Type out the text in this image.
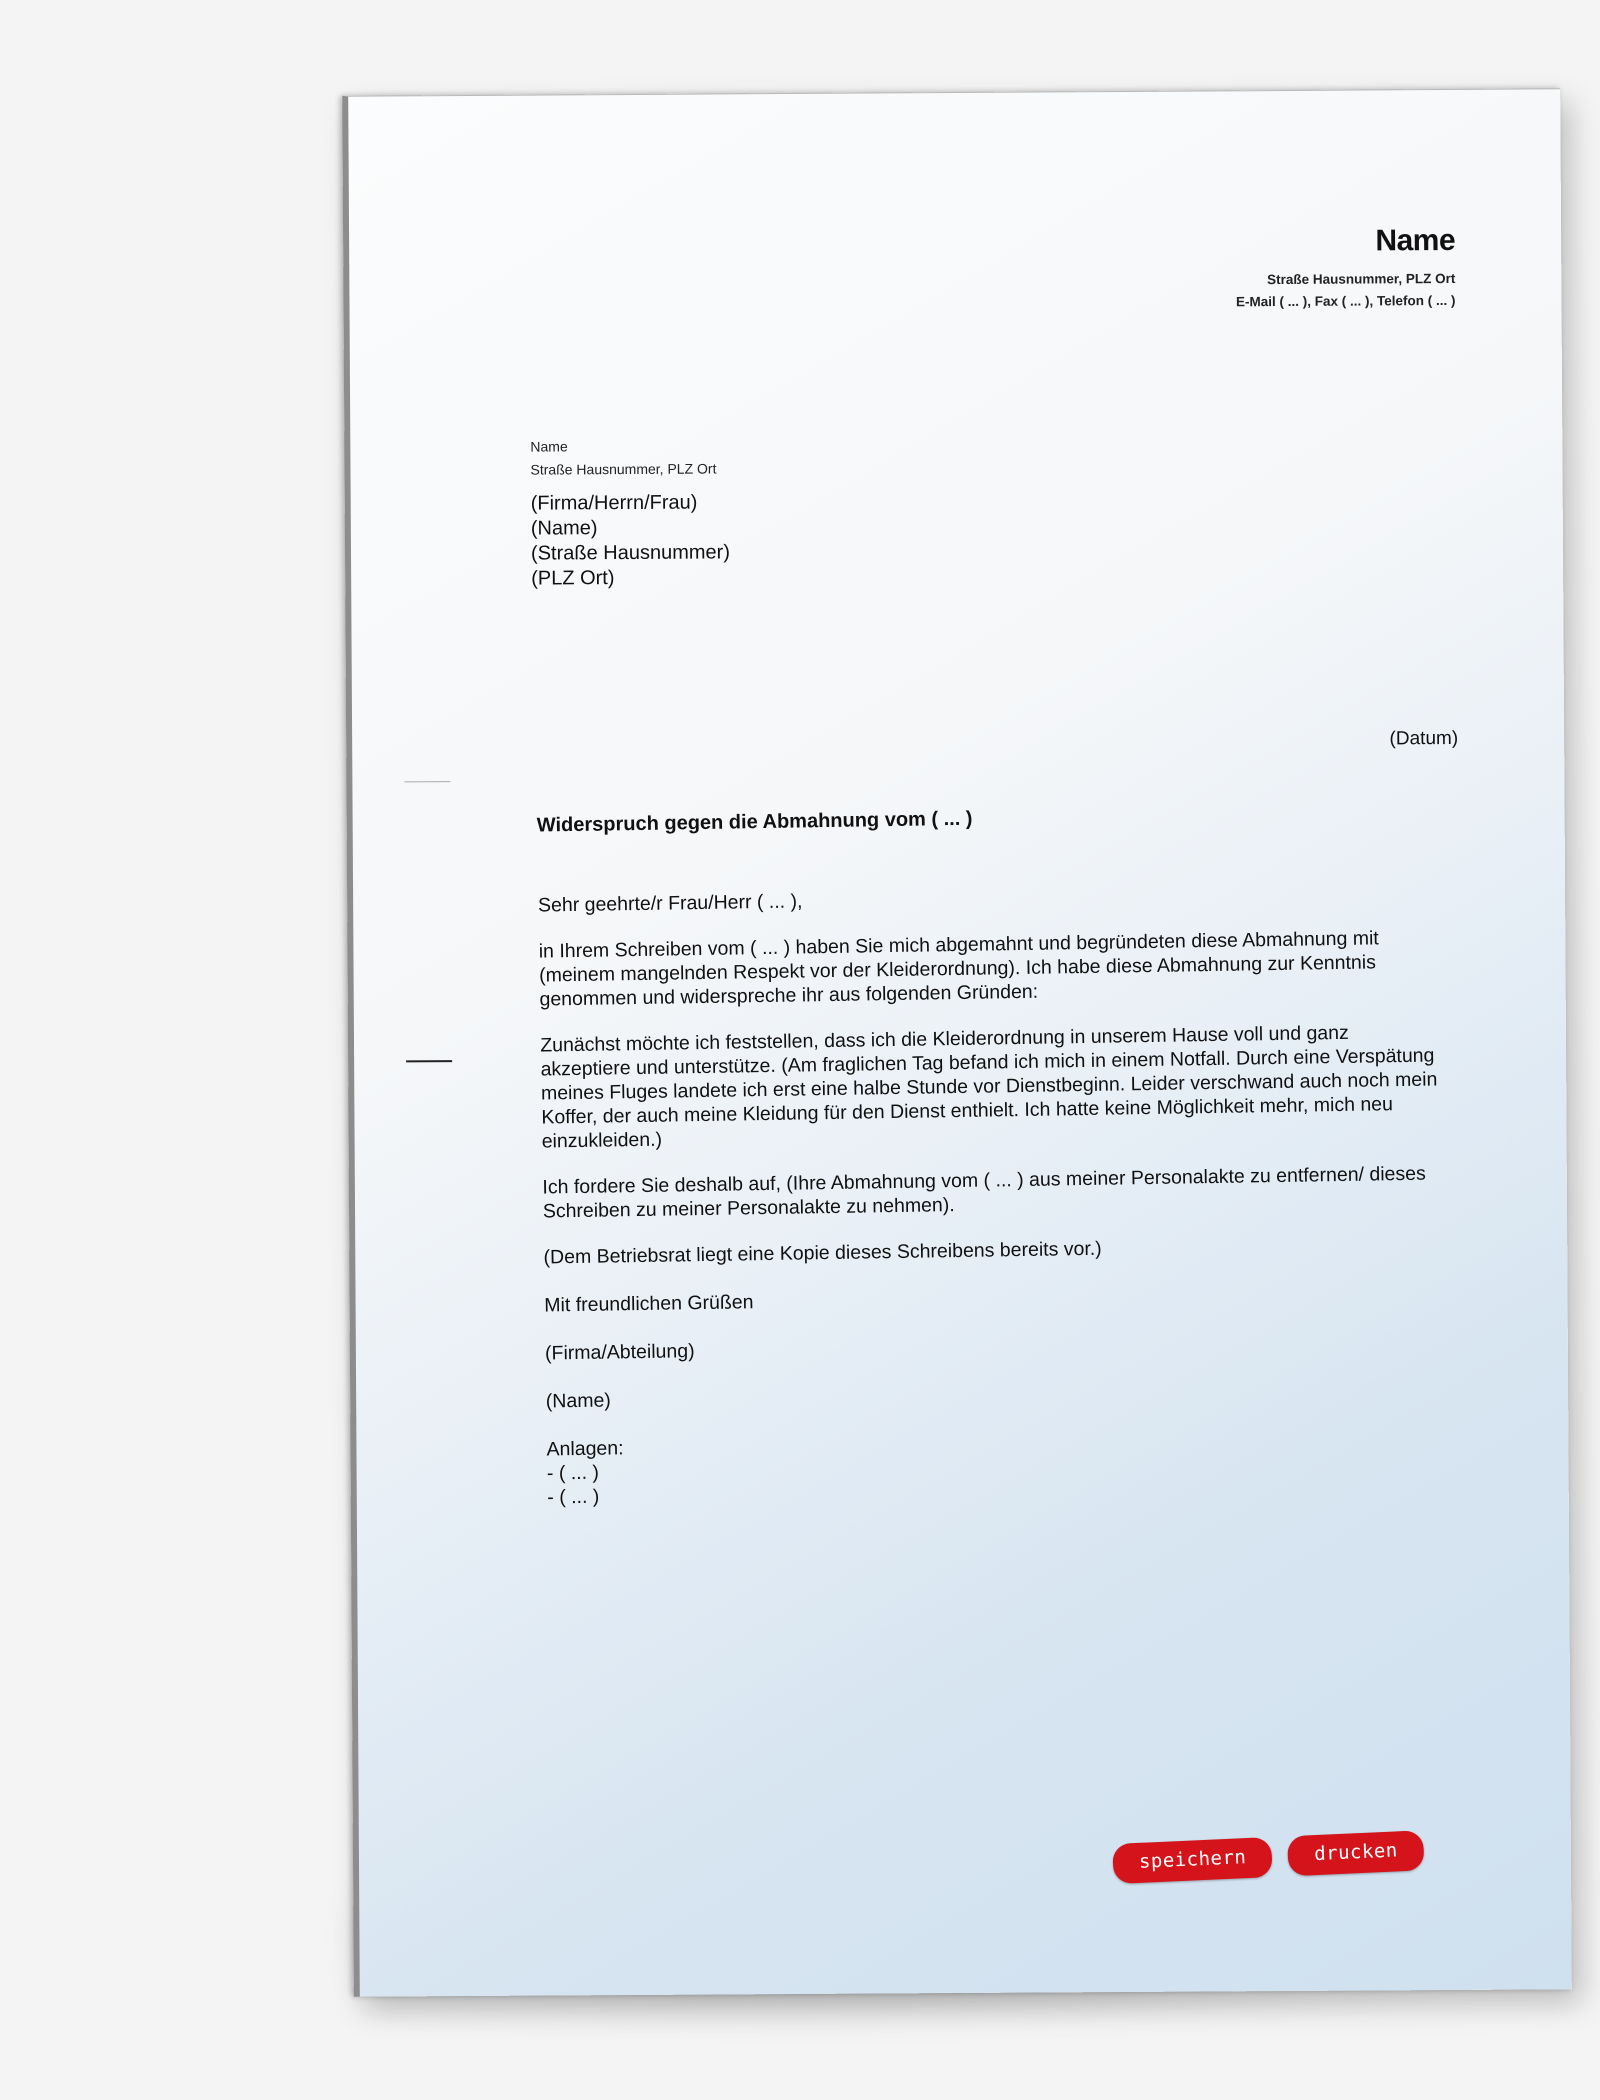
Name
Straße Hausnummer, PLZ Ort
E-Mail ( ... ), Fax ( ... ), Telefon ( ... )
Name
Straße Hausnummer, PLZ Ort
(Firma/Herrn/Frau)
(Name)
(Straße Hausnummer)
(PLZ Ort)
(Datum)
Widerspruch gegen die Abmahnung vom ( ... )
Sehr geehrte/r Frau/Herr ( ... ),
in Ihrem Schreiben vom ( ... ) haben Sie mich abgemahnt und begründeten diese Abmahnung mit (meinem mangelnden Respekt vor der Kleiderordnung). Ich habe diese Abmahnung zur Kenntnis genommen und widerspreche ihr aus folgenden Gründen:
Zunächst möchte ich feststellen, dass ich die Kleiderordnung in unserem Hause voll und ganz akzeptiere und unterstütze. (Am fraglichen Tag befand ich mich in einem Notfall. Durch eine Verspätung meines Fluges landete ich erst eine halbe Stunde vor Dienstbeginn. Leider verschwand auch noch mein Koffer, der auch meine Kleidung für den Dienst enthielt. Ich hatte keine Möglichkeit mehr, mich neu einzukleiden.)
Ich fordere Sie deshalb auf, (Ihre Abmahnung vom ( ... ) aus meiner Personalakte zu entfernen/ dieses Schreiben zu meiner Personalakte zu nehmen).
(Dem Betriebsrat liegt eine Kopie dieses Schreibens bereits vor.)
Mit freundlichen Grüßen
(Firma/Abteilung)
(Name)
Anlagen:
- ( ... )
- ( ... )
speichern	drucken
